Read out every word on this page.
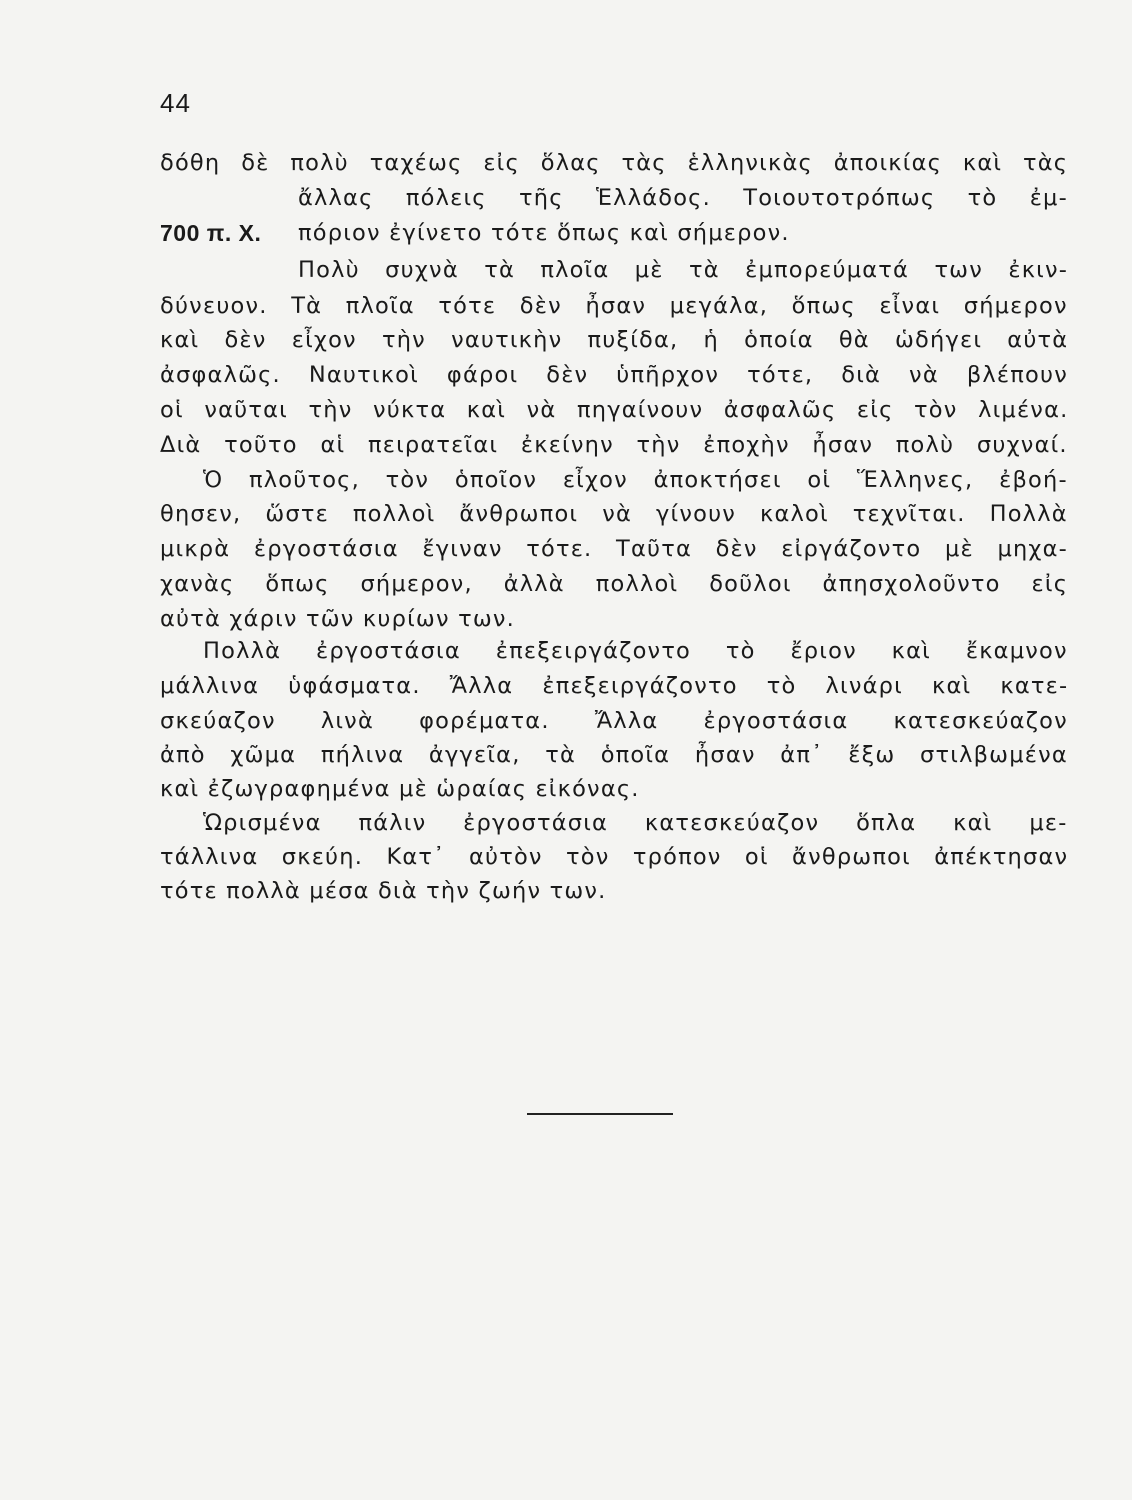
44
700 π. Χ.
δόθη δὲ πολὺ ταχέως εἰς ὅλας τὰς ἑλληνικὰς ἀποικίας καὶ τὰς
ἄλλας πόλεις τῆς Ἑλλάδος. Τοιουτοτρόπως τὸ ἐμ-
πόριον ἐγίνετο τότε ὅπως καὶ σήμερον.
Πολὺ συχνὰ τὰ πλοῖα μὲ τὰ ἐμπορεύματά των ἐκιν-
δύνευον. Τὰ πλοῖα τότε δὲν ἦσαν μεγάλα, ὅπως εἶναι σήμερον
καὶ δὲν εἶχον τὴν ναυτικὴν πυξίδα, ἡ ὁποία θὰ ὡδήγει αὐτὰ
ἀσφαλῶς. Ναυτικοὶ φάροι δὲν ὑπῆρχον τότε, διὰ νὰ βλέπουν
οἱ ναῦται τὴν νύκτα καὶ νὰ πηγαίνουν ἀσφαλῶς εἰς τὸν λιμένα.
Διὰ τοῦτο αἱ πειρατεῖαι ἐκείνην τὴν ἐποχὴν ἦσαν πολὺ συχναί.
Ὁ πλοῦτος, τὸν ὁποῖον εἶχον ἀποκτήσει οἱ Ἕλληνες, ἐβοή-
θησεν, ὥστε πολλοὶ ἄνθρωποι νὰ γίνουν καλοὶ τεχνῖται. Πολλὰ
μικρὰ ἐργοστάσια ἔγιναν τότε. Ταῦτα δὲν εἰργάζοντο μὲ μηχα-
χανὰς ὅπως σήμερον, ἀλλὰ πολλοὶ δοῦλοι ἀπησχολοῦντο εἰς
αὐτὰ χάριν τῶν κυρίων των.
Πολλὰ ἐργοστάσια ἐπεξειργάζοντο τὸ ἔριον καὶ ἔκαμνον
μάλλινα ὑφάσματα. Ἄλλα ἐπεξειργάζοντο τὸ λινάρι καὶ κατε-
σκεύαζον λινὰ φορέματα. Ἄλλα ἐργοστάσια κατεσκεύαζον
ἀπὸ χῶμα πήλινα ἀγγεῖα, τὰ ὁποῖα ἦσαν ἀπ᾽ ἔξω στιλβωμένα
καὶ ἐζωγραφημένα μὲ ὡραίας εἰκόνας.
Ὡρισμένα πάλιν ἐργοστάσια κατεσκεύαζον ὅπλα καὶ με-
τάλλινα σκεύη. Κατ᾽ αὐτὸν τὸν τρόπον οἱ ἄνθρωποι ἀπέκτησαν
τότε πολλὰ μέσα διὰ τὴν ζωήν των.
